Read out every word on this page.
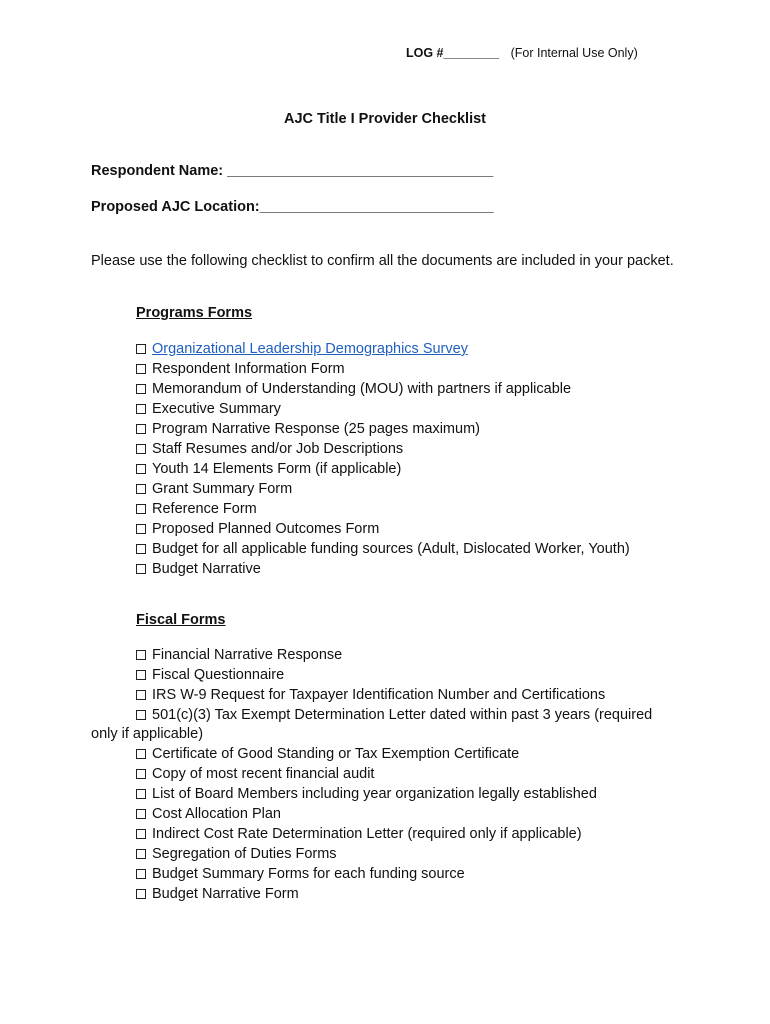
LOG #________ (For Internal Use Only)
AJC Title I Provider Checklist
Respondent Name: _________________________________
Proposed AJC Location:_____________________________
Please use the following checklist to confirm all the documents are included in your packet.
Programs Forms
Organizational Leadership Demographics Survey
Respondent Information Form
Memorandum of Understanding (MOU) with partners if applicable
Executive Summary
Program Narrative Response (25 pages maximum)
Staff Resumes and/or Job Descriptions
Youth 14 Elements Form (if applicable)
Grant Summary Form
Reference Form
Proposed Planned Outcomes Form
Budget for all applicable funding sources (Adult, Dislocated Worker, Youth)
Budget Narrative
Fiscal Forms
Financial Narrative Response
Fiscal Questionnaire
IRS W-9 Request for Taxpayer Identification Number and Certifications
501(c)(3) Tax Exempt Determination Letter dated within past 3 years (required
only if applicable)
Certificate of Good Standing or Tax Exemption Certificate
Copy of most recent financial audit
List of Board Members including year organization legally established
Cost Allocation Plan
Indirect Cost Rate Determination Letter (required only if applicable)
Segregation of Duties Forms
Budget Summary Forms for each funding source
Budget Narrative Form
